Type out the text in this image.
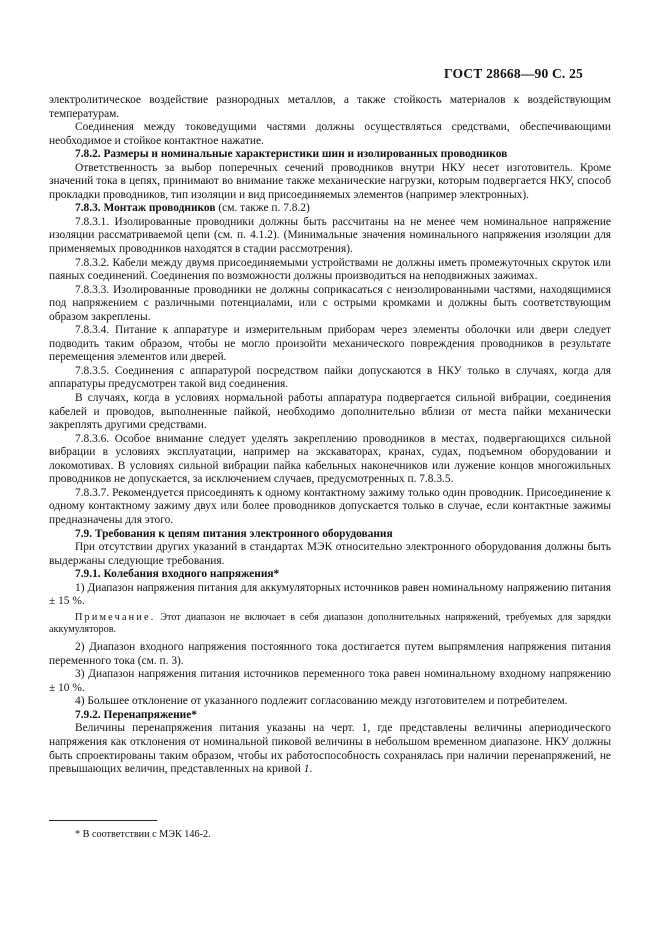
ГОСТ 28668—90 С. 25

электролитическое воздействие разнородных металлов, а также стойкость материалов к воздействующим температурам.

Соединения между токоведущими частями должны осуществляться средствами, обеспечивающими необходимое и стойкое контактное нажатие.

7.8.2. Размеры и номинальные характеристики шин и изолированных проводников

Ответственность за выбор поперечных сечений проводников внутри НКУ несет изготовитель. Кроме значений тока в цепях, принимают во внимание также механические нагрузки, которым подвергается НКУ, способ прокладки проводников, тип изоляции и вид присоединяемых элементов (например электронных).

7.8.3. Монтаж проводников (см. также п. 7.8.2)

7.8.3.1. Изолированные проводники должны быть рассчитаны на не менее чем номинальное напряжение изоляции рассматриваемой цепи (см. п. 4.1.2). (Минимальные значения номинального напряжения изоляции для применяемых проводников находятся в стадии рассмотрения).

7.8.3.2. Кабели между двумя присоединяемыми устройствами не должны иметь промежуточных скруток или паяных соединений. Соединения по возможности должны производиться на неподвижных зажимах.

7.8.3.3. Изолированные проводники не должны соприкасаться с неизолированными частями, находящимися под напряжением с различными потенциалами, или с острыми кромками и должны быть соответствующим образом закреплены.

7.8.3.4. Питание к аппаратуре и измерительным приборам через элементы оболочки или двери следует подводить таким образом, чтобы не могло произойти механического повреждения проводников в результате перемещения элементов или дверей.

7.8.3.5. Соединения с аппаратурой посредством пайки допускаются в НКУ только в случаях, когда для аппаратуры предусмотрен такой вид соединения.

В случаях, когда в условиях нормальной работы аппаратура подвергается сильной вибрации, соединения кабелей и проводов, выполненные пайкой, необходимо дополнительно вблизи от места пайки механически закреплять другими средствами.

7.8.3.6. Особое внимание следует уделять закреплению проводников в местах, подвергающихся сильной вибрации в условиях эксплуатации, например на экскаваторах, кранах, судах, подъемном оборудовании и локомотивах. В условиях сильной вибрации пайка кабельных наконечников или лужение концов многожильных проводников не допускается, за исключением случаев, предусмотренных п. 7.8.3.5.

7.8.3.7. Рекомендуется присоединять к одному контактному зажиму только один проводник. Присоединение к одному контактному зажиму двух или более проводников допускается только в случае, если контактные зажимы предназначены для этого.

7.9. Требования к цепям питания электронного оборудования

При отсутствии других указаний в стандартах МЭК относительно электронного оборудования должны быть выдержаны следующие требования.

7.9.1. Колебания входного напряжения*

1) Диапазон напряжения питания для аккумуляторных источников равен номинальному напряжению питания ± 15 %.

Примечание. Этот диапазон не включает в себя диапазон дополнительных напряжений, требуемых для зарядки аккумуляторов.

2) Диапазон входного напряжения постоянного тока достигается путем выпрямления напряжения питания переменного тока (см. п. 3).

3) Диапазон напряжения питания источников переменного тока равен номинальному входному напряжению ± 10 %.

4) Большее отклонение от указанного подлежит согласованию между изготовителем и потребителем.

7.9.2. Перенапряжение*

Величины перенапряжения питания указаны на черт. 1, где представлены величины апериодического напряжения как отклонения от номинальной пиковой величины в небольшом временном диапазоне. НКУ должны быть спроектированы таким образом, чтобы их работоспособность сохранялась при наличии перенапряжений, не превышающих величин, представленных на кривой 1.

* В соответствии с МЭК 146-2.
